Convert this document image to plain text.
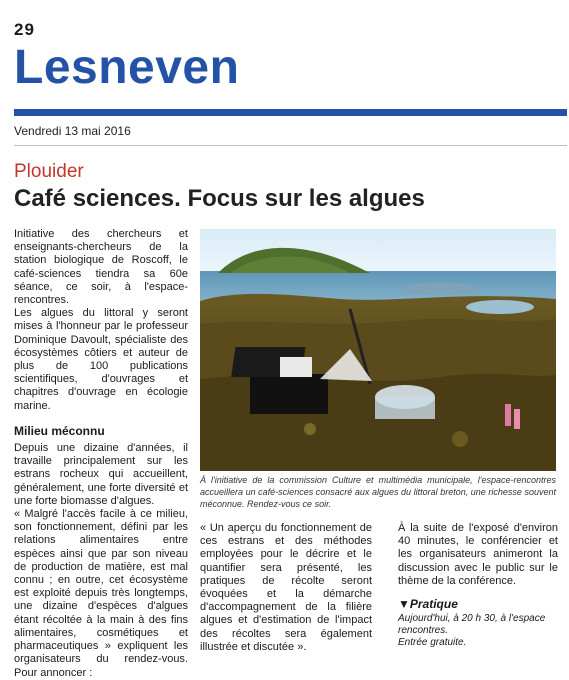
29
Lesneven
Vendredi 13 mai 2016
Plouider
Café sciences. Focus sur les algues

Initiative des chercheurs et enseignants-chercheurs de la station biologique de Roscoff, le café-sciences tiendra sa 60e séance, ce soir, à l'espace-rencontres.

Les algues du littoral y seront mises à l'honneur par le professeur Dominique Davoult, spécialiste des écosystèmes côtiers et auteur de plus de 100 publications scientifiques, d'ouvrages et chapitres d'ouvrage en écologie marine.

Milieu méconnu

Depuis une dizaine d'années, il travaille principalement sur les estrans rocheux qui accueillent, généralement, une forte diversité et une forte biomasse d'algues.

« Malgré l'accès facile à ce milieu, son fonctionnement, défini par les relations alimentaires entre espèces ainsi que par son niveau de production de matière, est mal connu ; en outre, cet écosystème est exploité depuis très longtemps, une dizaine d'espèces d'algues étant récoltée à la main à des fins alimentaires, cosmétiques et pharmaceutiques » expliquent les organisateurs du rendez-vous. Pour annoncer :

À l'initiative de la commission Culture et multimédia municipale, l'espace-rencontres accueillera un café-sciences consacré aux algues du littoral breton, une richesse souvent méconnue. Rendez-vous ce soir.

« Un aperçu du fonctionnement de ces estrans et des méthodes employées pour le décrire et le quantifier sera présenté, les pratiques de récolte seront évoquées et la démarche d'accompagnement de la filière algues et d'estimation de l'impact des récoltes sera également illustrée et discutée ».

À la suite de l'exposé d'environ 40 minutes, le conférencier et les organisateurs animeront la discussion avec le public sur le thème de la conférence.

▼Pratique

Aujourd'hui, à 20 h 30, à l'espace rencontres.

Entrée gratuite.
